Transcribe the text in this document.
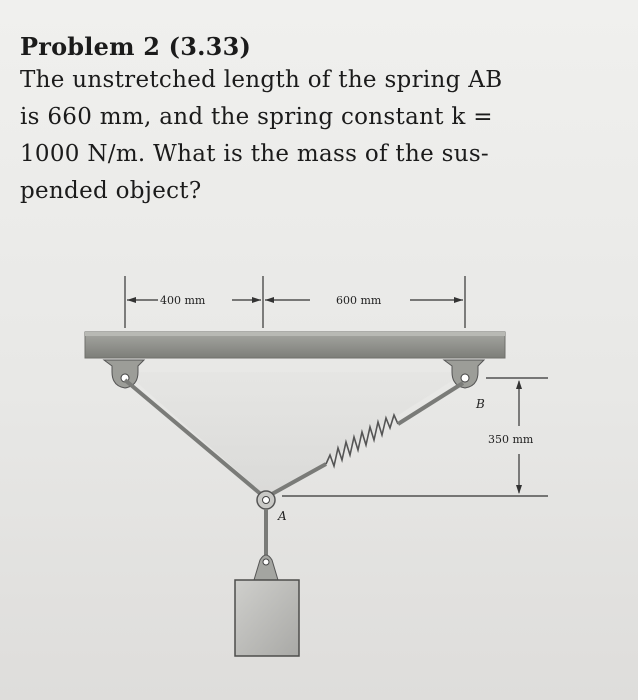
Problem 2 (3.33)

The unstretched length of the spring AB
is 660 mm, and the spring constant k =
1000 N/m. What is the mass of the sus-
pended object?

400 mm	600 mm
B
350 mm
A
